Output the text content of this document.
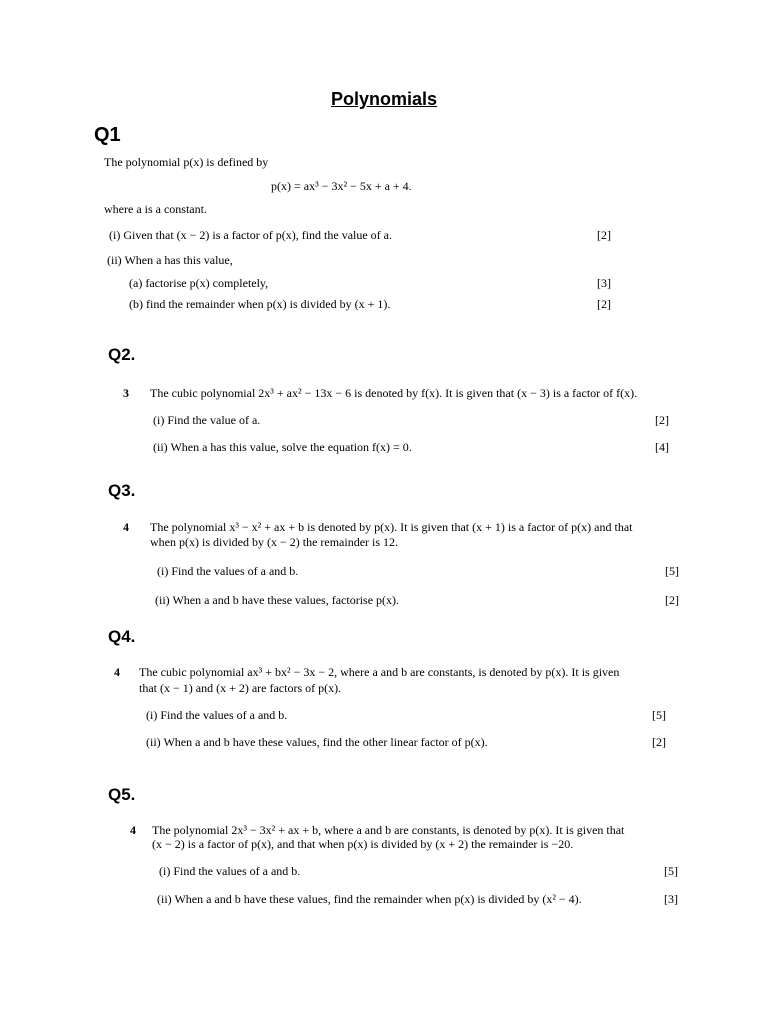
Polynomials
Q1
The polynomial p(x) is defined by
p(x) = ax³ − 3x² − 5x + a + 4.
where a is a constant.
(i) Given that (x − 2) is a factor of p(x), find the value of a.	[2]
(ii) When a has this value,
(a) factorise p(x) completely,	[3]
(b) find the remainder when p(x) is divided by (x + 1).	[2]
Q2.
3 The cubic polynomial 2x³ + ax² − 13x − 6 is denoted by f(x). It is given that (x − 3) is a factor of f(x).
(i) Find the value of a.	[2]
(ii) When a has this value, solve the equation f(x) = 0.	[4]
Q3.
4 The polynomial x³ − x² + ax + b is denoted by p(x). It is given that (x + 1) is a factor of p(x) and that
when p(x) is divided by (x − 2) the remainder is 12.
(i) Find the values of a and b.	[5]
(ii) When a and b have these values, factorise p(x).	[2]
Q4.
4 The cubic polynomial ax³ + bx² − 3x − 2, where a and b are constants, is denoted by p(x). It is given
that (x − 1) and (x + 2) are factors of p(x).
(i) Find the values of a and b.	[5]
(ii) When a and b have these values, find the other linear factor of p(x).	[2]
Q5.
4 The polynomial 2x³ − 3x² + ax + b, where a and b are constants, is denoted by p(x). It is given that
(x − 2) is a factor of p(x), and that when p(x) is divided by (x + 2) the remainder is −20.
(i) Find the values of a and b.	[5]
(ii) When a and b have these values, find the remainder when p(x) is divided by (x² − 4).	[3]
